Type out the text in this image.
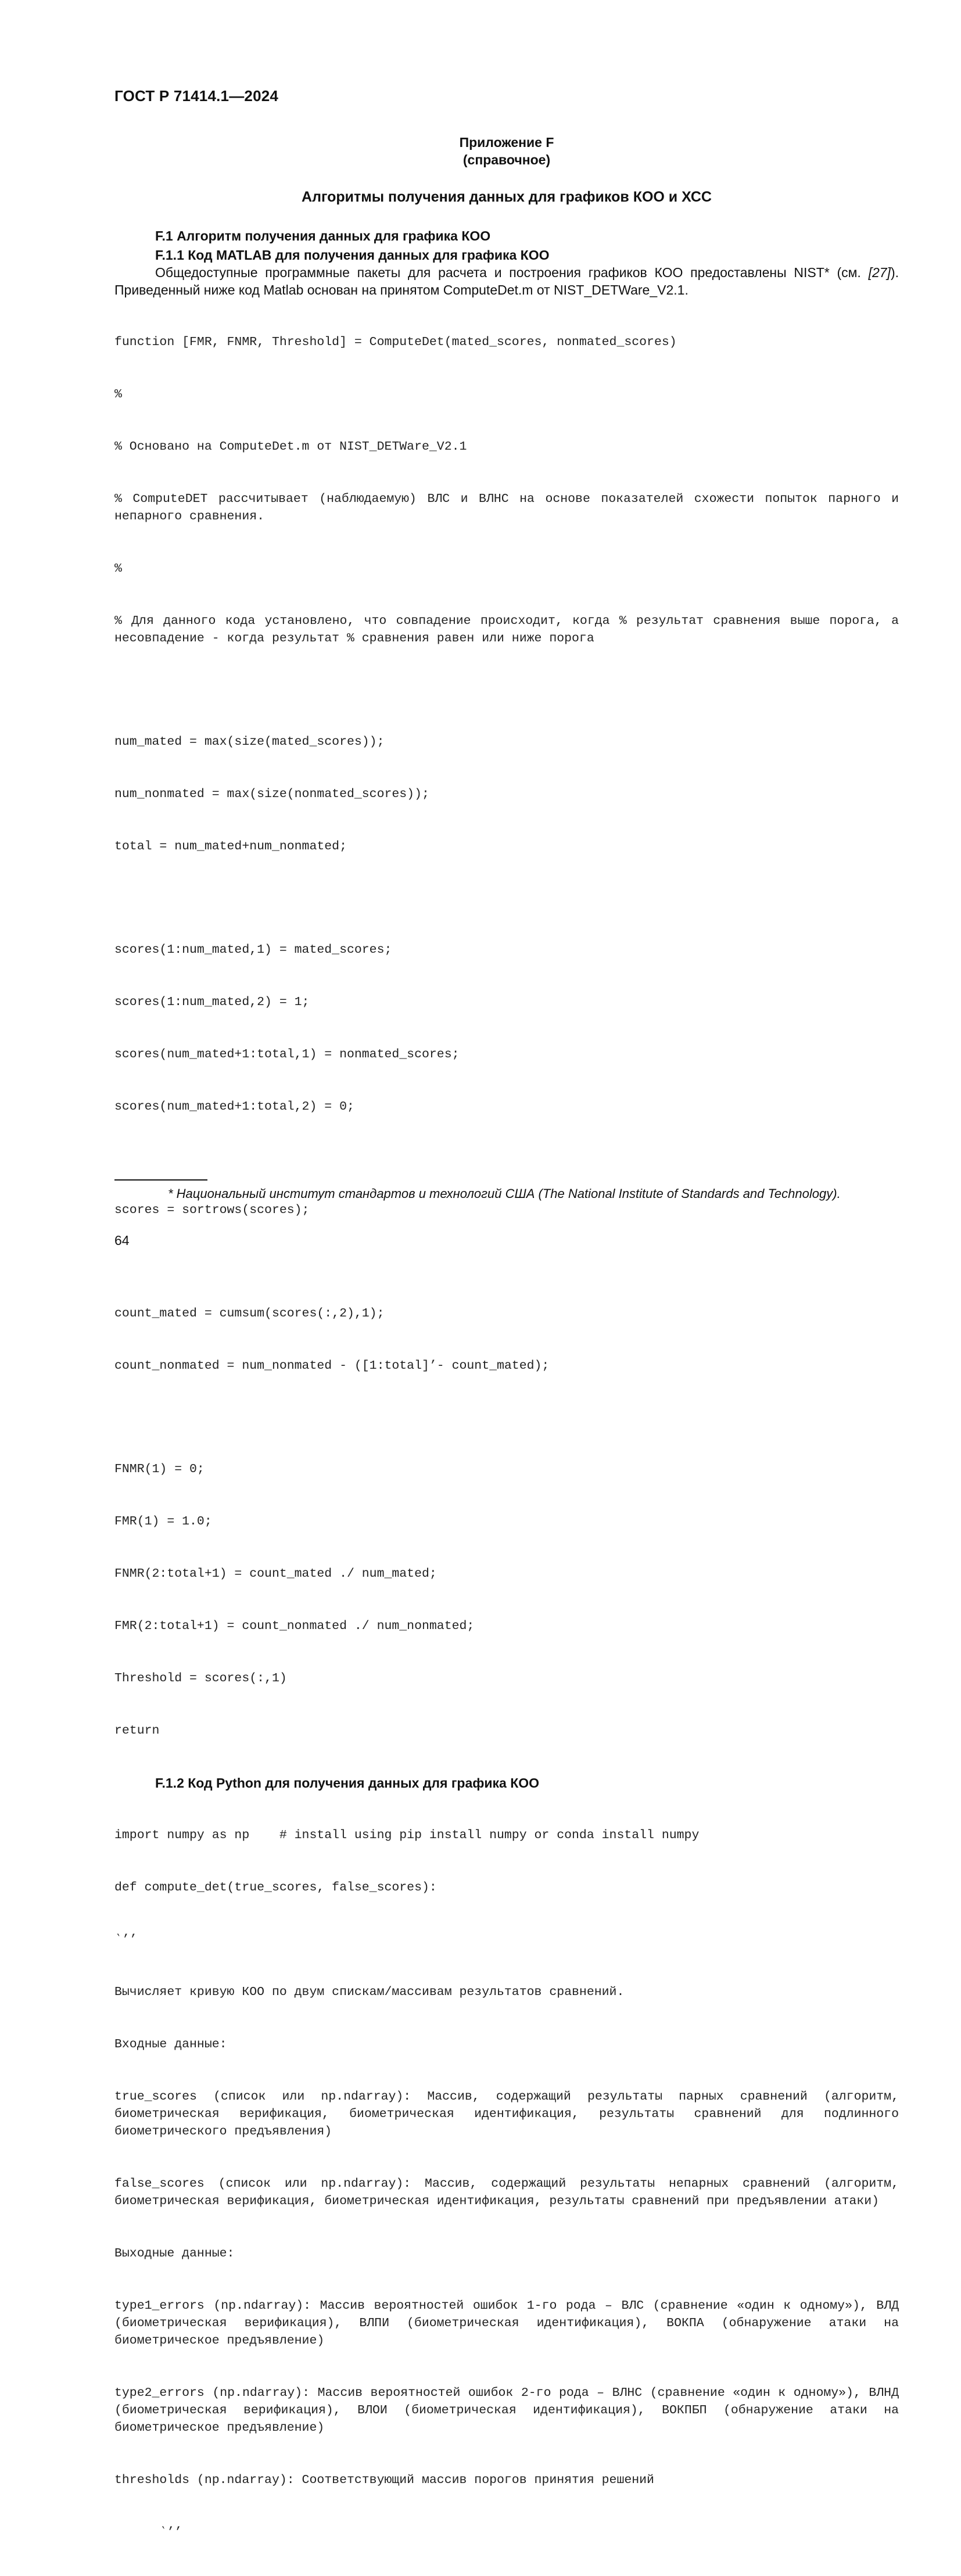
ГОСТ Р 71414.1—2024
Приложение F
(справочное)
Алгоритмы получения данных для графиков КОО и ХСС
F.1 Алгоритм получения данных для графика КОО
F.1.1 Код MATLAB для получения данных для графика КОО

Общедоступные программные пакеты для расчета и построения графиков КОО предоставлены NIST* (см. [27]). Приведенный ниже код Matlab основан на принятом ComputeDet.m от NIST_DETWare_V2.1.

function [FMR, FNMR, Threshold] = ComputeDet(mated_scores, nonmated_scores)

%

% Основано на ComputeDet.m от NIST_DETWare_V2.1

% ComputeDET рассчитывает (наблюдаемую) ВЛС и ВЛНС на основе показателей схожести попыток парного и непарного сравнения.

%

% Для данного кода установлено, что совпадение происходит, когда % результат сравнения выше порога, а несовпадение - когда результат % сравнения равен или ниже порога

num_mated = max(size(mated_scores));

num_nonmated = max(size(nonmated_scores));

total = num_mated+num_nonmated;

scores(1:num_mated,1) = mated_scores;

scores(1:num_mated,2) = 1;

scores(num_mated+1:total,1) = nonmated_scores;

scores(num_mated+1:total,2) = 0;

scores = sortrows(scores);

count_mated = cumsum(scores(:,2),1);

count_nonmated = num_nonmated - ([1:total]’- count_mated);

FNMR(1) = 0;

FMR(1) = 1.0;

FNMR(2:total+1) = count_mated ./ num_mated;

FMR(2:total+1) = count_nonmated ./ num_nonmated;

Threshold = scores(:,1)

return

F.1.2 Код Python для получения данных для графика КОО

import numpy as np    # install using pip install numpy or conda install numpy

def compute_det(true_scores, false_scores):

‵’’

Вычисляет кривую КОО по двум спискам/массивам результатов сравнений.

Входные данные:

true_scores (список или np.ndarray): Массив, содержащий результаты парных сравнений (алгоритм, биометрическая верификация, биометрическая идентификация, результаты сравнений для подлинного биометрического предъявления)

false_scores (список или np.ndarray): Массив, содержащий результаты непарных сравнений (алгоритм, биометрическая верификация, биометрическая идентификация, результаты сравнений при предъявлении атаки)

Выходные данные:

type1_errors (np.ndarray): Массив вероятностей ошибок 1-го рода – ВЛС (сравнение «один к одному»), ВЛД (биометрическая верификация), ВЛПИ (биометрическая идентификация), ВОКПА (обнаружение атаки на биометрическое предъявление)

type2_errors (np.ndarray): Массив вероятностей ошибок 2-го рода – ВЛНС (сравнение «один к одному»), ВЛНД (биометрическая верификация), ВЛОИ (биометрическая идентификация), ВОКПБП (обнаружение атаки на биометрическое предъявление)

thresholds (np.ndarray): Соответствующий массив порогов принятия решений

‵’’

* Национальный институт стандартов и технологий США (The National Institute of Standards and Technology).
64
